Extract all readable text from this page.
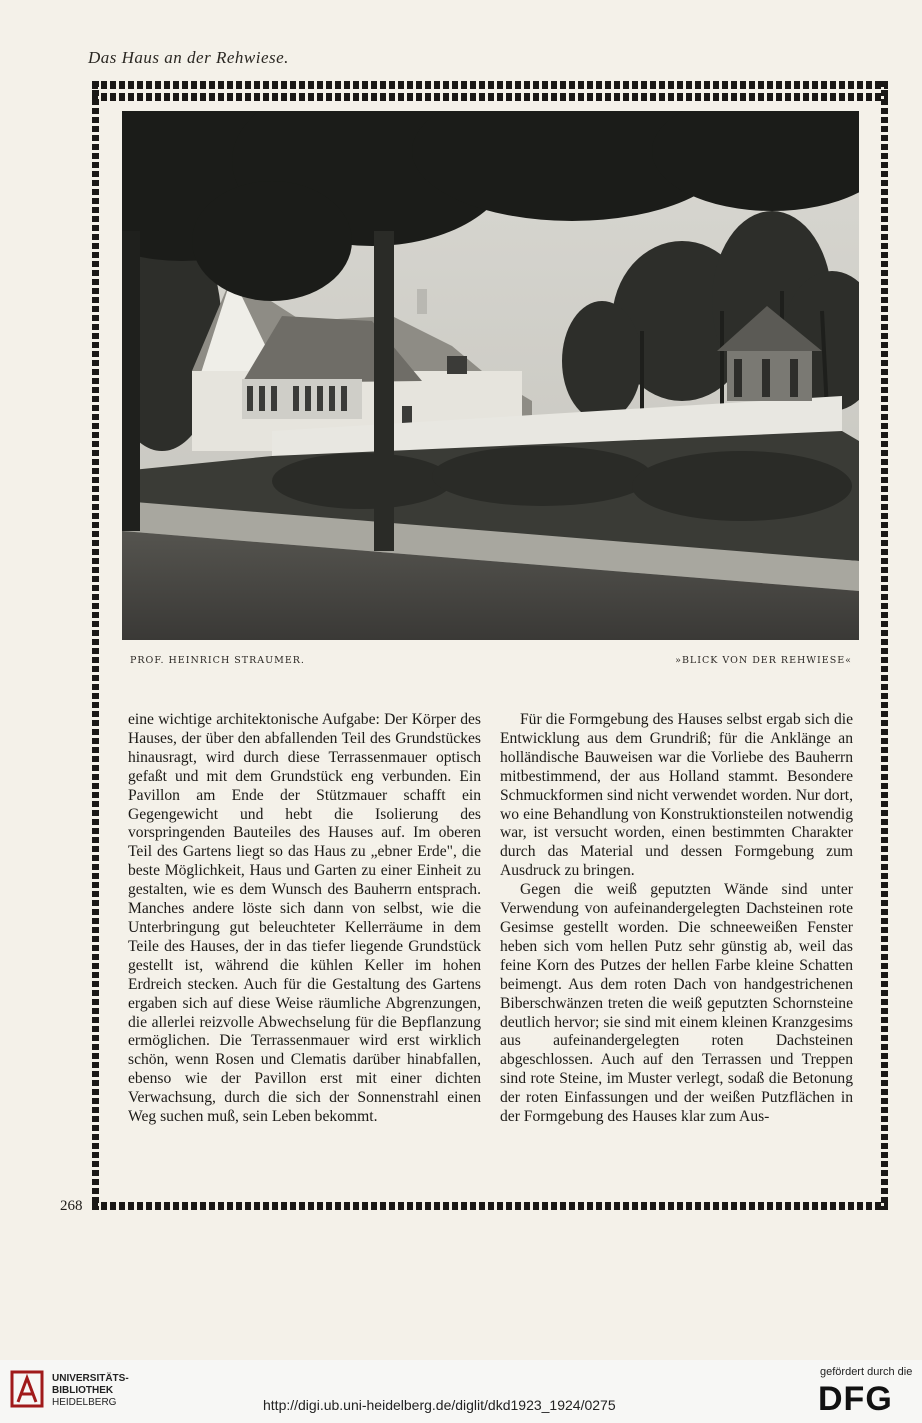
Das Haus an der Rehwiese.
PROF. HEINRICH STRAUMER.	»BLICK VON DER REHWIESE«

eine wichtige architektonische Aufgabe: Der Körper des Hauses, der über den abfallenden Teil des Grundstückes hinausragt, wird durch diese Terrassenmauer optisch gefaßt und mit dem Grundstück eng verbunden. Ein Pavillon am Ende der Stützmauer schafft ein Gegengewicht und hebt die Isolierung des vorspringenden Bauteiles des Hauses auf. Im oberen Teil des Gartens liegt so das Haus zu „ebner Erde", die beste Möglichkeit, Haus und Garten zu einer Einheit zu gestalten, wie es dem Wunsch des Bauherrn entsprach. Manches andere löste sich dann von selbst, wie die Unterbringung gut beleuchteter Kellerräume in dem Teile des Hauses, der in das tiefer liegende Grundstück gestellt ist, während die kühlen Keller im hohen Erdreich stecken. Auch für die Gestaltung des Gartens ergaben sich auf diese Weise räumliche Abgrenzungen, die allerlei reizvolle Abwechselung für die Bepflanzung ermöglichen. Die Terrassenmauer wird erst wirklich schön, wenn Rosen und Clematis darüber hinabfallen, ebenso wie der Pavillon erst mit einer dichten Verwachsung, durch die sich der Sonnenstrahl einen Weg suchen muß, sein Leben bekommt.

Für die Formgebung des Hauses selbst ergab sich die Entwicklung aus dem Grundriß; für die Anklänge an holländische Bauweisen war die Vorliebe des Bauherrn mitbestimmend, der aus Holland stammt. Besondere Schmuckformen sind nicht verwendet worden. Nur dort, wo eine Behandlung von Konstruktionsteilen notwendig war, ist versucht worden, einen bestimmten Charakter durch das Material und dessen Formgebung zum Ausdruck zu bringen.

Gegen die weiß geputzten Wände sind unter Verwendung von aufeinandergelegten Dachsteinen rote Gesimse gestellt worden. Die schneeweißen Fenster heben sich vom hellen Putz sehr günstig ab, weil das feine Korn des Putzes der hellen Farbe kleine Schatten beimengt. Aus dem roten Dach von handgestrichenen Biberschwänzen treten die weiß geputzten Schornsteine deutlich hervor; sie sind mit einem kleinen Kranzgesims aus aufeinandergelegten roten Dachsteinen abgeschlossen. Auch auf den Terrassen und Treppen sind rote Steine, im Muster verlegt, sodaß die Betonung der roten Einfassungen und der weißen Putzflächen in der Formgebung des Hauses klar zum Aus-

268
UNIVERSITÄTS-
BIBLIOTHEK
HEIDELBERG	http://digi.ub.uni-heidelberg.de/diglit/dkd1923_1924/0275
gefördert durch die
DFG
